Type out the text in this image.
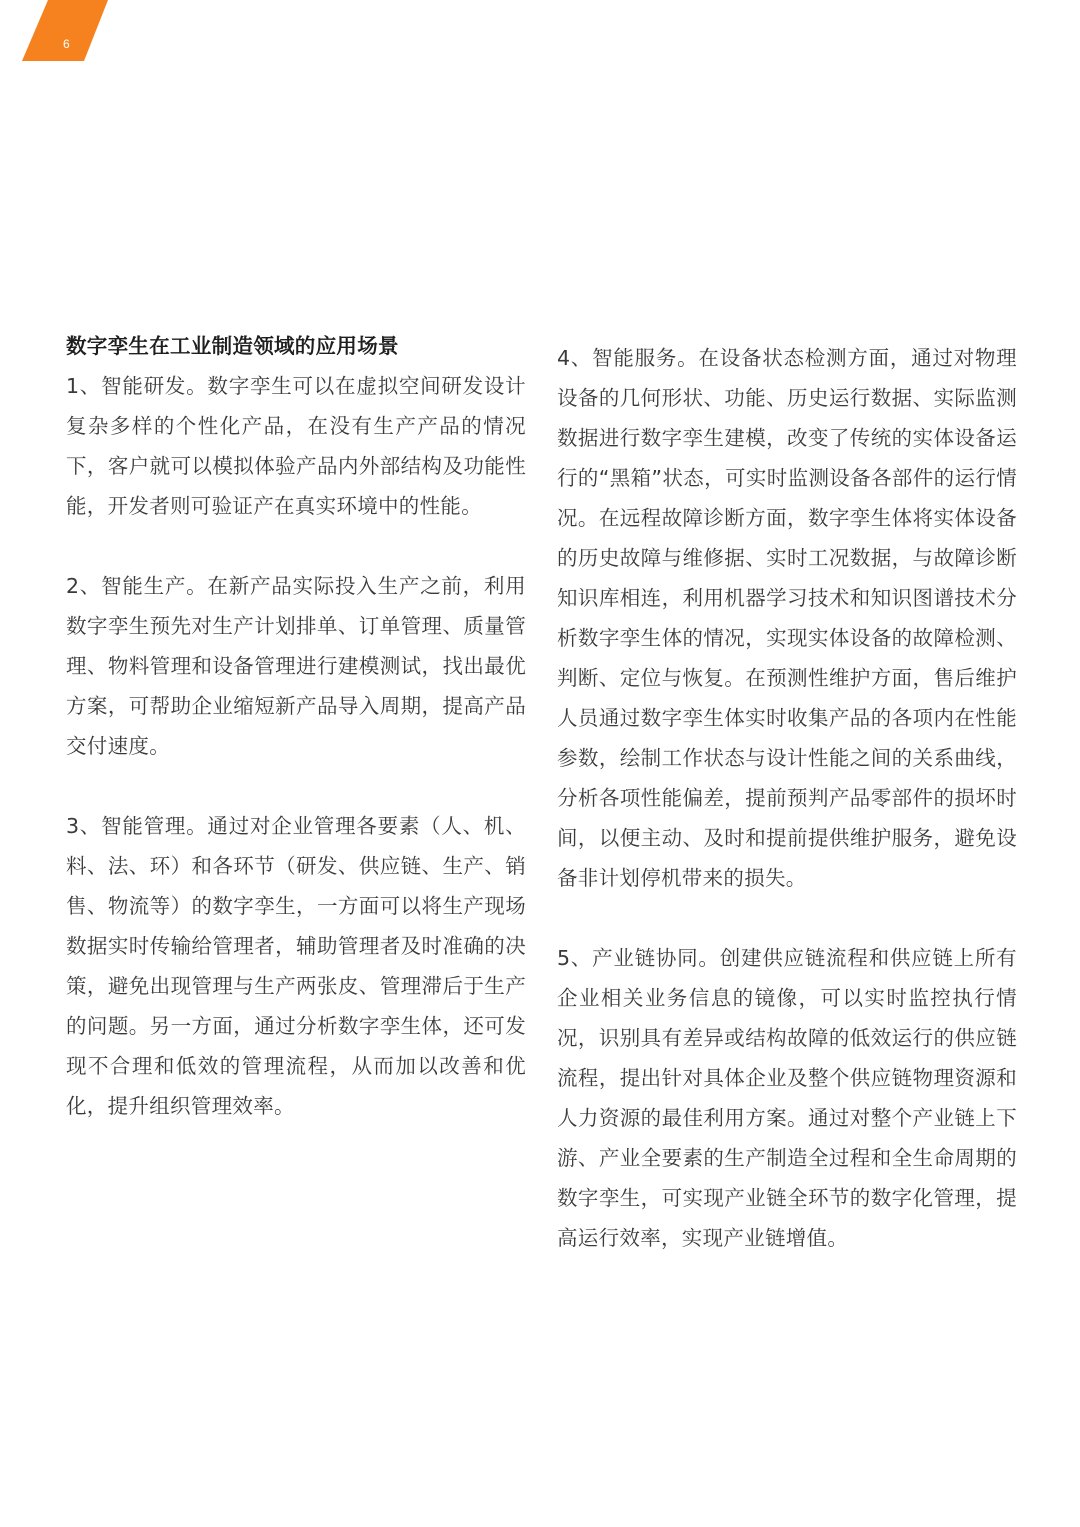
6
数字孪生在工业制造领域的应用场景

1、智能研发。数字孪生可以在虚拟空间研发设计复杂多样的个性化产品，在没有生产产品的情况下，客户就可以模拟体验产品内外部结构及功能性能，开发者则可验证产在真实环境中的性能。

2、智能生产。在新产品实际投入生产之前，利用数字孪生预先对生产计划排单、订单管理、质量管理、物料管理和设备管理进行建模测试，找出最优方案，可帮助企业缩短新产品导入周期，提高产品交付速度。

3、智能管理。通过对企业管理各要素（人、机、料、法、环）和各环节（研发、供应链、生产、销售、物流等）的数字孪生，一方面可以将生产现场数据实时传输给管理者，辅助管理者及时准确的决策，避免出现管理与生产两张皮、管理滞后于生产的问题。另一方面，通过分析数字孪生体，还可发现不合理和低效的管理流程，从而加以改善和优化，提升组织管理效率。

4、智能服务。在设备状态检测方面，通过对物理设备的几何形状、功能、历史运行数据、实际监测数据进行数字孪生建模，改变了传统的实体设备运行的“黑箱”状态，可实时监测设备各部件的运行情况。在远程故障诊断方面，数字孪生体将实体设备的历史故障与维修据、实时工况数据，与故障诊断知识库相连，利用机器学习技术和知识图谱技术分析数字孪生体的情况，实现实体设备的故障检测、判断、定位与恢复。在预测性维护方面，售后维护人员通过数字孪生体实时收集产品的各项内在性能参数，绘制工作状态与设计性能之间的关系曲线，分析各项性能偏差，提前预判产品零部件的损坏时间，以便主动、及时和提前提供维护服务，避免设备非计划停机带来的损失。

5、产业链协同。创建供应链流程和供应链上所有企业相关业务信息的镜像，可以实时监控执行情况，识别具有差异或结构故障的低效运行的供应链流程，提出针对具体企业及整个供应链物理资源和人力资源的最佳利用方案。通过对整个产业链上下游、产业全要素的生产制造全过程和全生命周期的数字孪生，可实现产业链全环节的数字化管理，提高运行效率，实现产业链增值。
